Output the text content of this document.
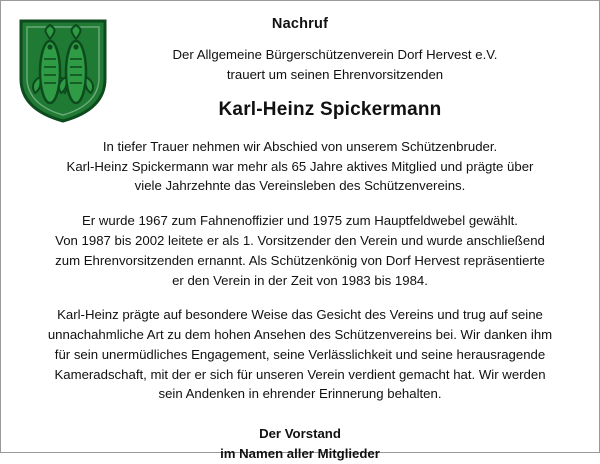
Nachruf
Der Allgemeine Bürgerschützenverein Dorf Hervest e.V.
trauert um seinen Ehrenvorsitzenden
Karl-Heinz Spickermann

In tiefer Trauer nehmen wir Abschied von unserem Schützenbruder.
Karl-Heinz Spickermann war mehr als 65 Jahre aktives Mitglied und prägte über
viele Jahrzehnte das Vereinsleben des Schützenvereins.

Er wurde 1967 zum Fahnenoffizier und 1975 zum Hauptfeldwebel gewählt.
Von 1987 bis 2002 leitete er als 1. Vorsitzender den Verein und wurde anschließend
zum Ehrenvorsitzenden ernannt. Als Schützenkönig von Dorf Hervest repräsentierte
er den Verein in der Zeit von 1983 bis 1984.

Karl-Heinz prägte auf besondere Weise das Gesicht des Vereins und trug auf seine
unnachahmliche Art zu dem hohen Ansehen des Schützenvereins bei. Wir danken ihm
für sein unermüdliches Engagement, seine Verlässlichkeit und seine herausragende
Kameradschaft, mit der er sich für unseren Verein verdient gemacht hat. Wir werden
sein Andenken in ehrender Erinnerung behalten.

Der Vorstand
im Namen aller Mitglieder
